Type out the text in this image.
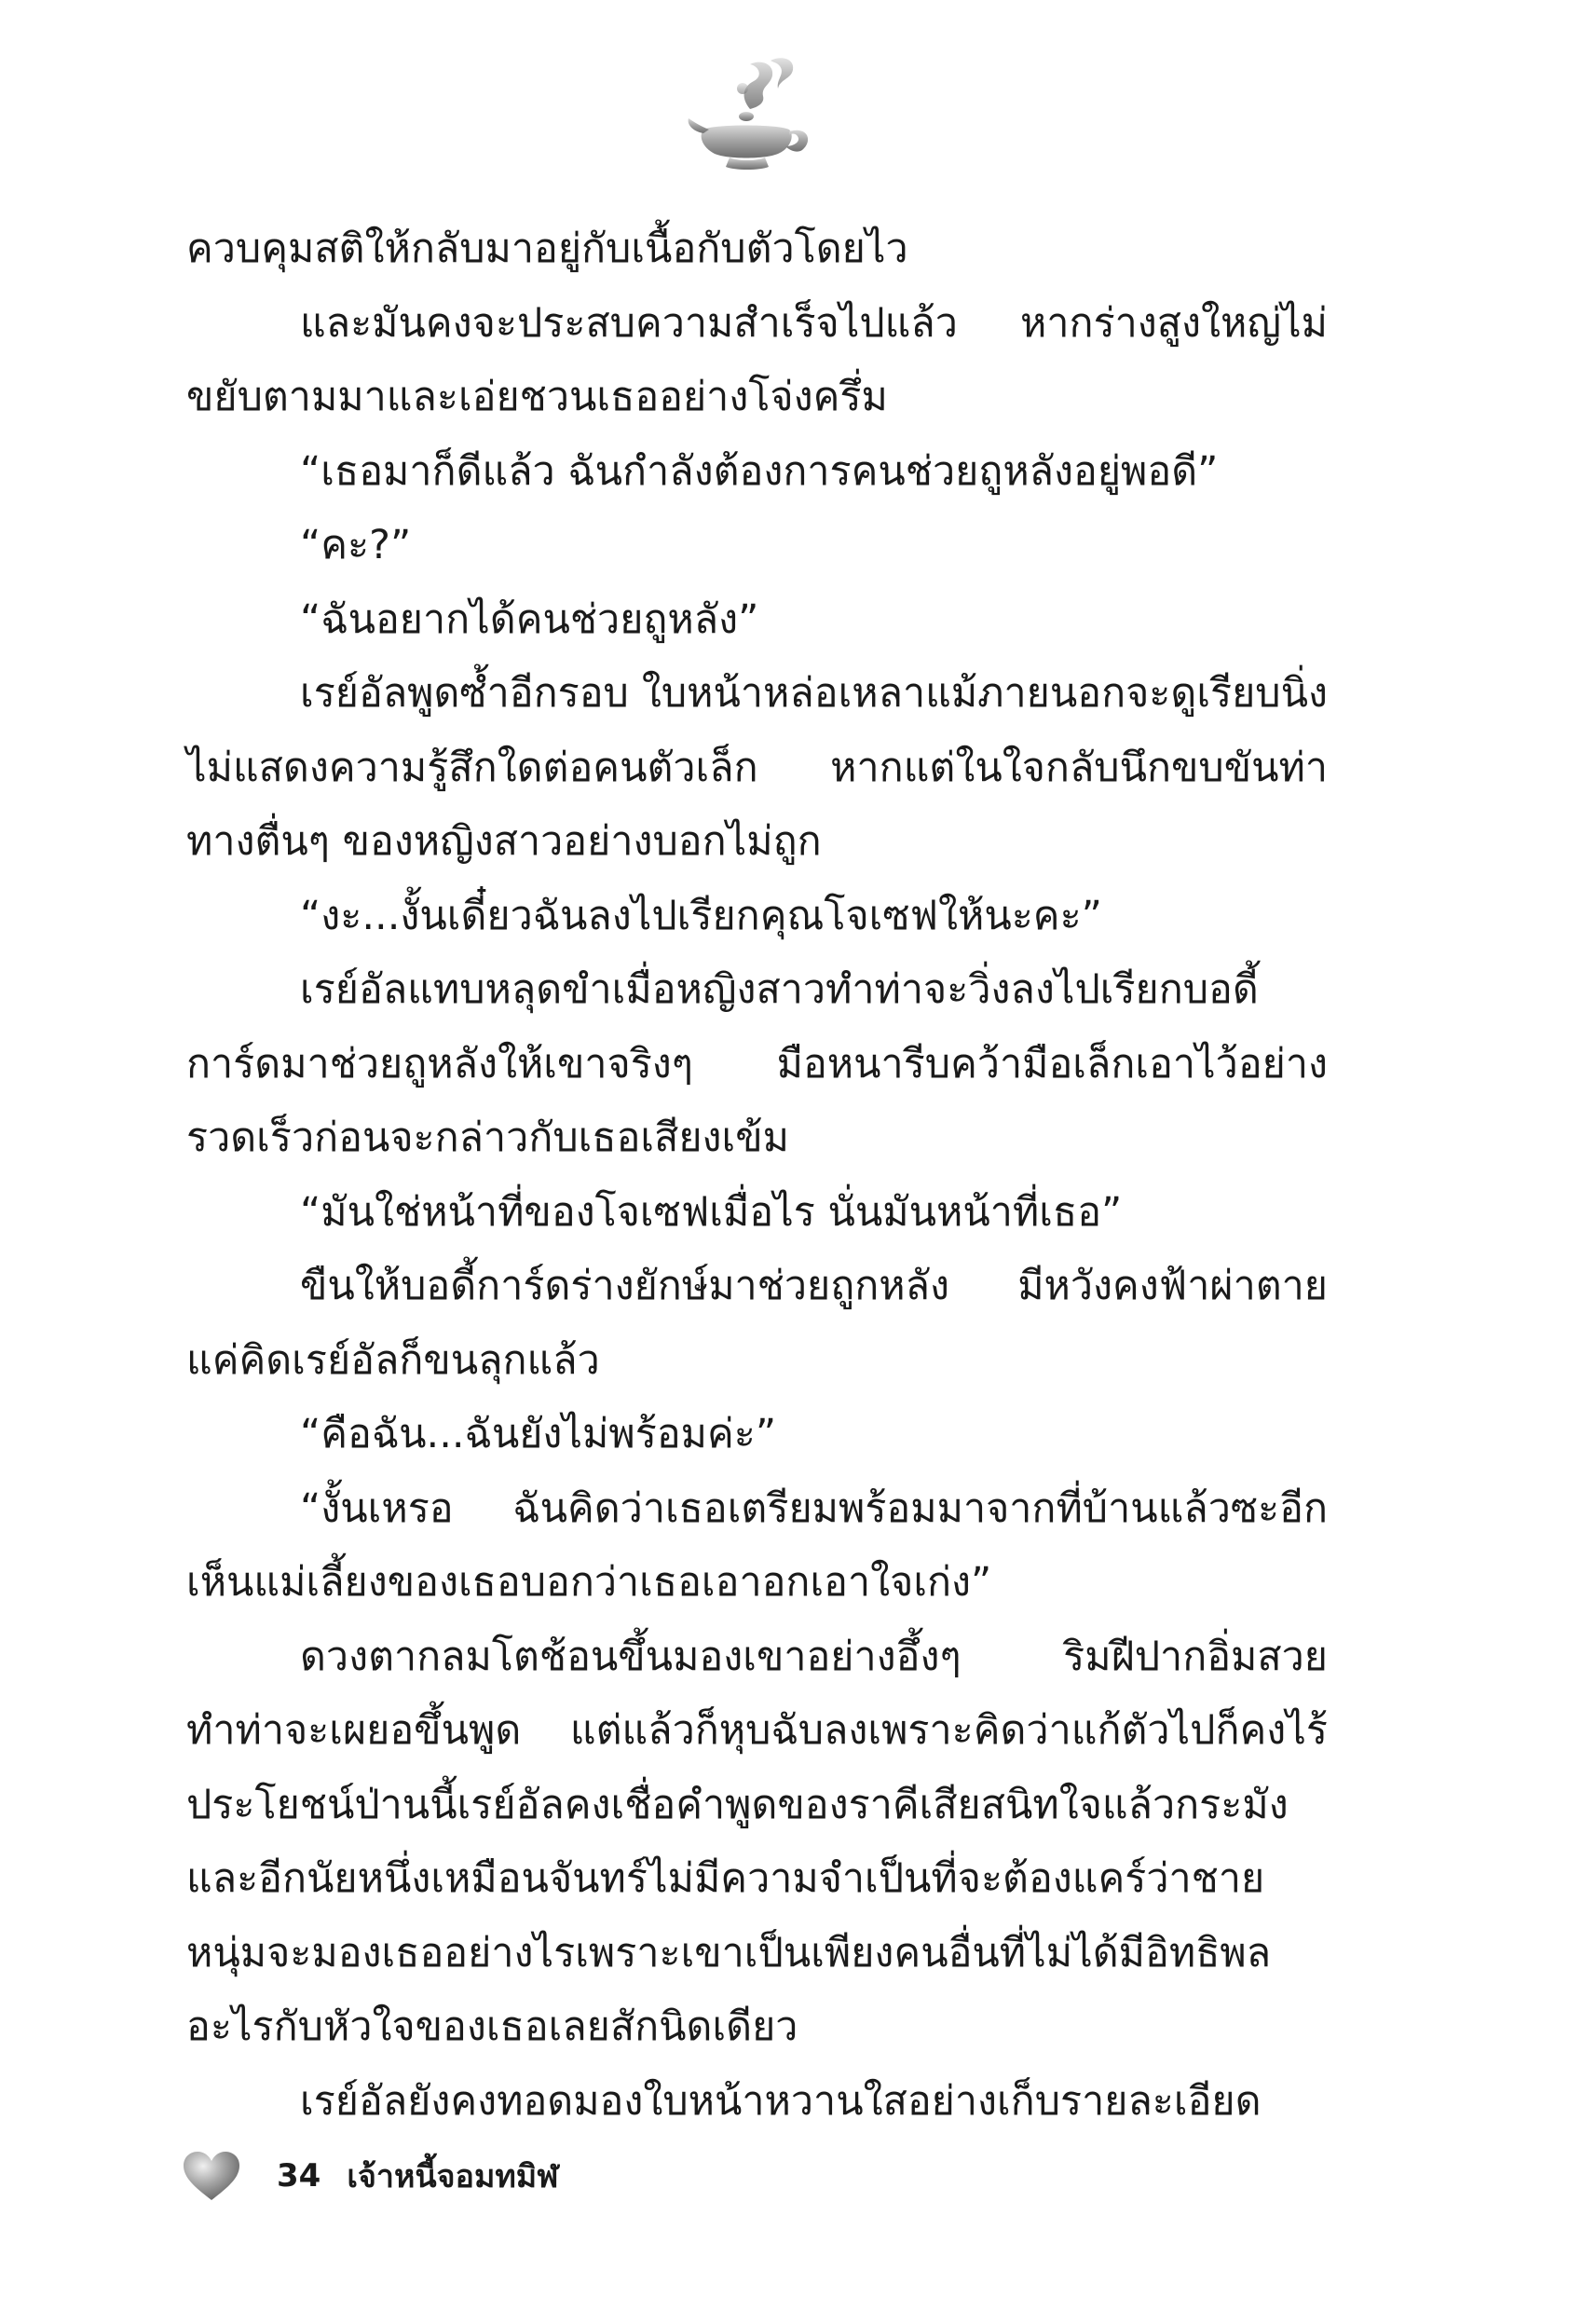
ควบคุมสติให้กลับมาอยู่กับเนื้อกับตัวโดยไว

และมันคงจะประสบความสำเร็จไปแล้ว หากร่างสูงใหญ่ไม่ขยับตามมาและเอ่ยชวนเธออย่างโจ่งครึ่ม

“เธอมาก็ดีแล้ว ฉันกำลังต้องการคนช่วยถูหลังอยู่พอดี”

“คะ?”

“ฉันอยากได้คนช่วยถูหลัง”

เรย์อัลพูดซ้ำอีกรอบ ใบหน้าหล่อเหลาแม้ภายนอกจะดูเรียบนิ่งไม่แสดงความรู้สึกใดต่อคนตัวเล็ก หากแต่ในใจกลับนึกขบขันท่าทางตื่นๆ ของหญิงสาวอย่างบอกไม่ถูก

“งะ...งั้นเดี๋ยวฉันลงไปเรียกคุณโจเซฟให้นะคะ”

เรย์อัลแทบหลุดขำเมื่อหญิงสาวทำท่าจะวิ่งลงไปเรียกบอดี้การ์ดมาช่วยถูหลังให้เขาจริงๆ มือหนารีบคว้ามือเล็กเอาไว้อย่างรวดเร็วก่อนจะกล่าวกับเธอเสียงเข้ม

“มันใช่หน้าที่ของโจเซฟเมื่อไร นั่นมันหน้าที่เธอ”

ขืนให้บอดี้การ์ดร่างยักษ์มาช่วยถูกหลัง มีหวังคงฟ้าผ่าตาย แค่คิดเรย์อัลก็ขนลุกแล้ว

“คือฉัน...ฉันยังไม่พร้อมค่ะ”

“งั้นเหรอ ฉันคิดว่าเธอเตรียมพร้อมมาจากที่บ้านแล้วซะอีกเห็นแม่เลี้ยงของเธอบอกว่าเธอเอาอกเอาใจเก่ง”

ดวงตากลมโตช้อนขึ้นมองเขาอย่างอึ้งๆ ริมฝีปากอิ่มสวยทำท่าจะเผยอขึ้นพูด แต่แล้วก็หุบฉับลงเพราะคิดว่าแก้ตัวไปก็คงไร้ประโยชน์ป่านนี้เรย์อัลคงเชื่อคำพูดของราคีเสียสนิทใจแล้วกระมัง และอีกนัยหนึ่งเหมือนจันทร์ไม่มีความจำเป็นที่จะต้องแคร์ว่าชายหนุ่มจะมองเธออย่างไรเพราะเขาเป็นเพียงคนอื่นที่ไม่ได้มีอิทธิพลอะไรกับหัวใจของเธอเลยสักนิดเดียว

เรย์อัลยังคงทอดมองใบหน้าหวานใสอย่างเก็บรายละเอียด

34 เจ้าหนี้จอมทมิฬ
